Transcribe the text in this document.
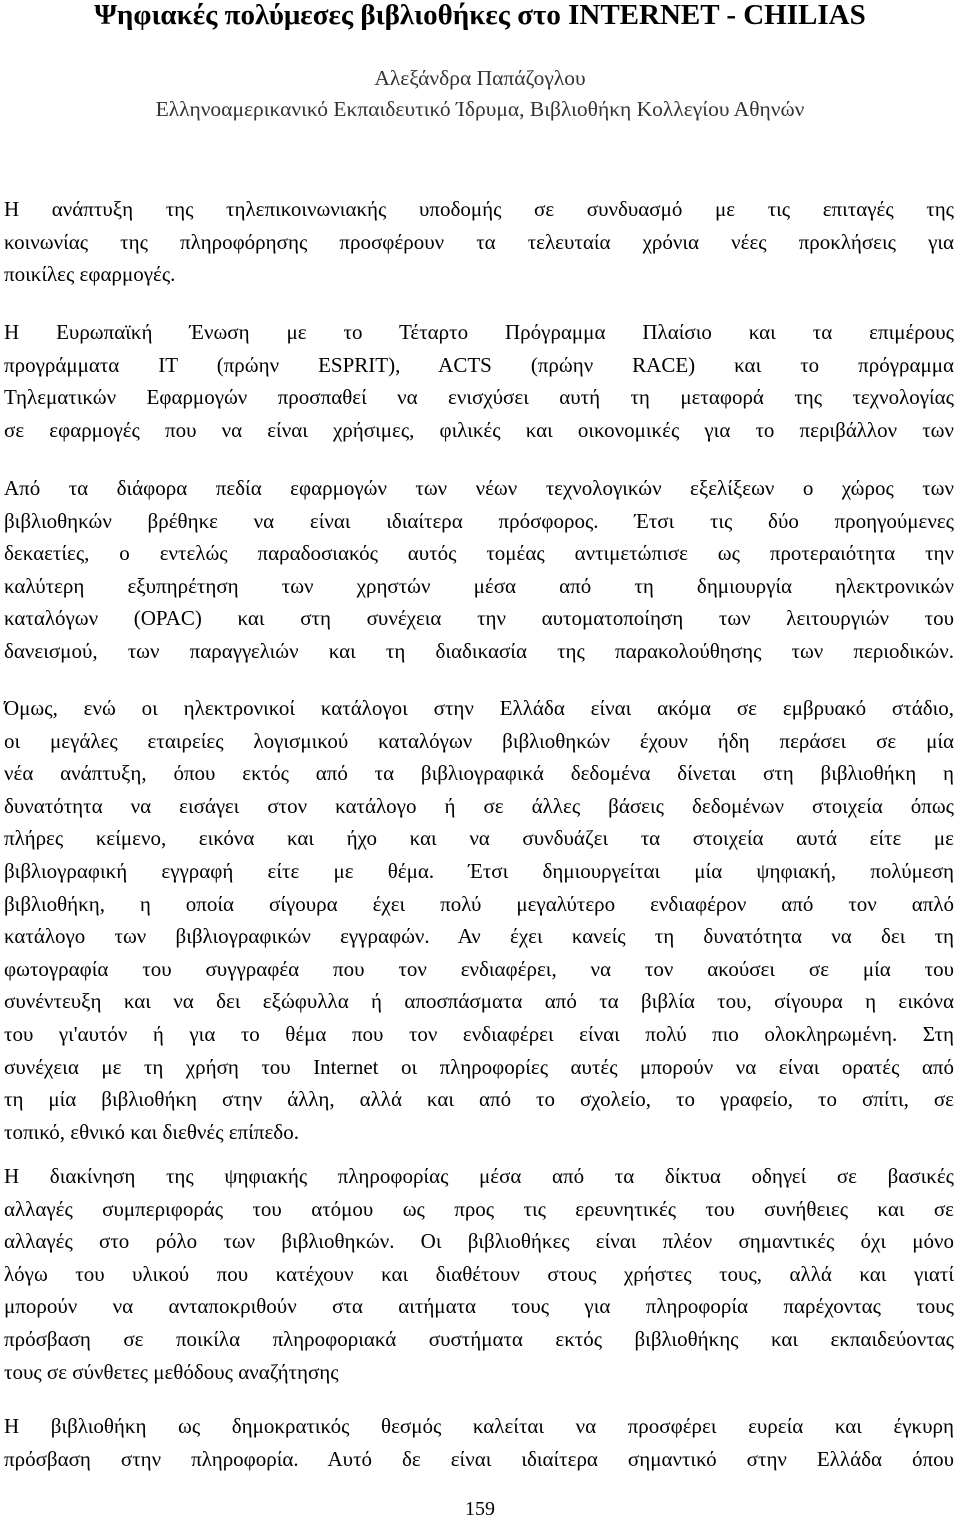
Ψηφιακές πολύμεσες βιβλιοθήκες στο INTERNET - CHILIAS
Αλεξάνδρα Παπάζογλου
Ελληνοαμερικανικό Εκπαιδευτικό Ίδρυμα, Βιβλιοθήκη Κολλεγίου Αθηνών
Η ανάπτυξη της τηλεπικοινωνιακής υποδομής σε συνδυασμό με τις επιταγές της
κοινωνίας της πληροφόρησης προσφέρουν τα τελευταία χρόνια νέες προκλήσεις για
ποικίλες εφαρμογές.
Η Ευρωπαϊκή Ένωση με το Τέταρτο Πρόγραμμα Πλαίσιο και τα επιμέρους
προγράμματα IT (πρώην ESPRIT), ACTS (πρώην RACE) και το πρόγραμμα
Τηλεματικών Εφαρμογών προσπαθεί να ενισχύσει αυτή τη μεταφορά της τεχνολογίας
σε εφαρμογές που να είναι χρήσιμες, φιλικές και οικονομικές για το περιβάλλον των
Από τα διάφορα πεδία εφαρμογών των νέων τεχνολογικών εξελίξεων ο χώρος των
βιβλιοθηκών βρέθηκε να είναι ιδιαίτερα πρόσφορος. Έτσι τις δύο προηγούμενες
δεκαετίες, ο εντελώς παραδοσιακός αυτός τομέας αντιμετώπισε ως προτεραιότητα την
καλύτερη εξυπηρέτηση των χρηστών μέσα από τη δημιουργία ηλεκτρονικών
καταλόγων (OPAC) και στη συνέχεια την αυτοματοποίηση των λειτουργιών του
δανεισμού, των παραγγελιών και τη διαδικασία της παρακολούθησης των περιοδικών.
Όμως, ενώ οι ηλεκτρονικοί κατάλογοι στην Ελλάδα είναι ακόμα σε εμβρυακό στάδιο,
οι μεγάλες εταιρείες λογισμικού καταλόγων βιβλιοθηκών έχουν ήδη περάσει σε μία
νέα ανάπτυξη, όπου εκτός από τα βιβλιογραφικά δεδομένα δίνεται στη βιβλιοθήκη η
δυνατότητα να εισάγει στον κατάλογο ή σε άλλες βάσεις δεδομένων στοιχεία όπως
πλήρες κείμενο, εικόνα και ήχο και να συνδυάζει τα στοιχεία αυτά είτε με
βιβλιογραφική εγγραφή είτε με θέμα. Έτσι δημιουργείται μία ψηφιακή, πολύμεση
βιβλιοθήκη, η οποία σίγουρα έχει πολύ μεγαλύτερο ενδιαφέρον από τον απλό
κατάλογο των βιβλιογραφικών εγγραφών. Αν έχει κανείς τη δυνατότητα να δει τη
φωτογραφία του συγγραφέα που τον ενδιαφέρει, να τον ακούσει σε μία του
συνέντευξη και να δει εξώφυλλα ή αποσπάσματα από τα βιβλία του, σίγουρα η εικόνα
του γι'αυτόν ή για το θέμα που τον ενδιαφέρει είναι πολύ πιο ολοκληρωμένη. Στη
συνέχεια με τη χρήση του Internet οι πληροφορίες αυτές μπορούν να είναι ορατές από
τη μία βιβλιοθήκη στην άλλη, αλλά και από το σχολείο, το γραφείο, το σπίτι, σε
τοπικό, εθνικό και διεθνές επίπεδο.
Η διακίνηση της ψηφιακής πληροφορίας μέσα από τα δίκτυα οδηγεί σε βασικές
αλλαγές συμπεριφοράς του ατόμου ως προς τις ερευνητικές του συνήθειες και σε
αλλαγές στο ρόλο των βιβλιοθηκών. Οι βιβλιοθήκες είναι πλέον σημαντικές όχι μόνο
λόγω του υλικού που κατέχουν και διαθέτουν στους χρήστες τους, αλλά και γιατί
μπορούν να ανταποκριθούν στα αιτήματα τους για πληροφορία παρέχοντας τους
πρόσβαση σε ποικίλα πληροφοριακά συστήματα εκτός βιβλιοθήκης και εκπαιδεύοντας
τους σε σύνθετες μεθόδους αναζήτησης
Η βιβλιοθήκη ως δημοκρατικός θεσμός καλείται να προσφέρει ευρεία και έγκυρη
πρόσβαση στην πληροφορία. Αυτό δε είναι ιδιαίτερα σημαντικό στην Ελλάδα όπου
159
